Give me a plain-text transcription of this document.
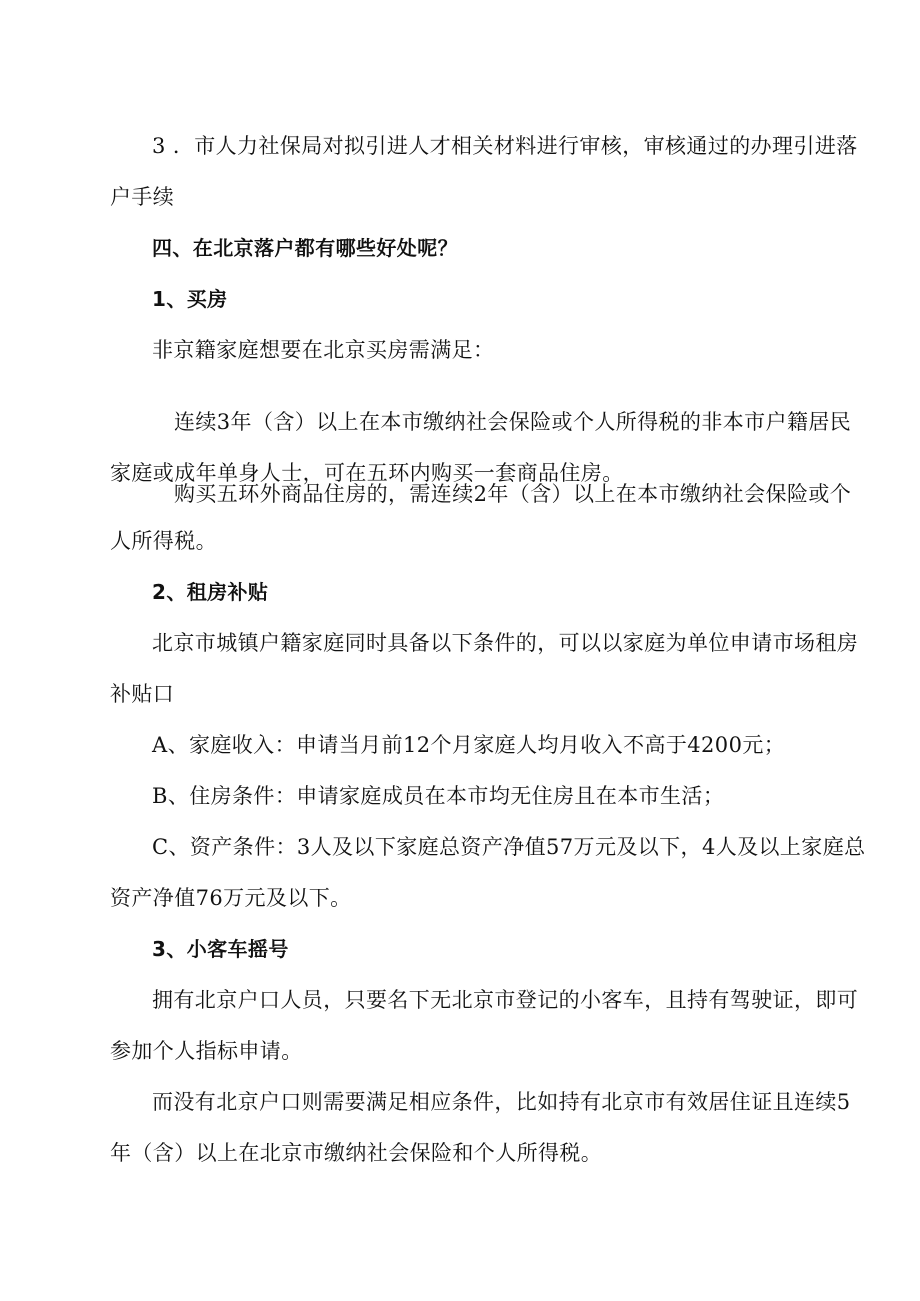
3 ．市人力社保局对拟引进人才相关材料进行审核，审核通过的办理引进落
户手续
四、在北京落户都有哪些好处呢？
1、买房
非京籍家庭想要在北京买房需满足：
连续3年（含）以上在本市缴纳社会保险或个人所得税的非本市户籍居民
家庭或成年单身人士，可在五环内购买一套商品住房。
购买五环外商品住房的，需连续2年（含）以上在本市缴纳社会保险或个
人所得税。
2、租房补贴
北京市城镇户籍家庭同时具备以下条件的，可以以家庭为单位申请市场租房
补贴口
A、家庭收入：申请当月前12个月家庭人均月收入不高于4200元；
B、住房条件：申请家庭成员在本市均无住房且在本市生活；
C、资产条件：3人及以下家庭总资产净值57万元及以下，4人及以上家庭总
资产净值76万元及以下。
3、小客车摇号
拥有北京户口人员，只要名下无北京市登记的小客车，且持有驾驶证，即可
参加个人指标申请。
而没有北京户口则需要满足相应条件，比如持有北京市有效居住证且连续5
年（含）以上在北京市缴纳社会保险和个人所得税。
